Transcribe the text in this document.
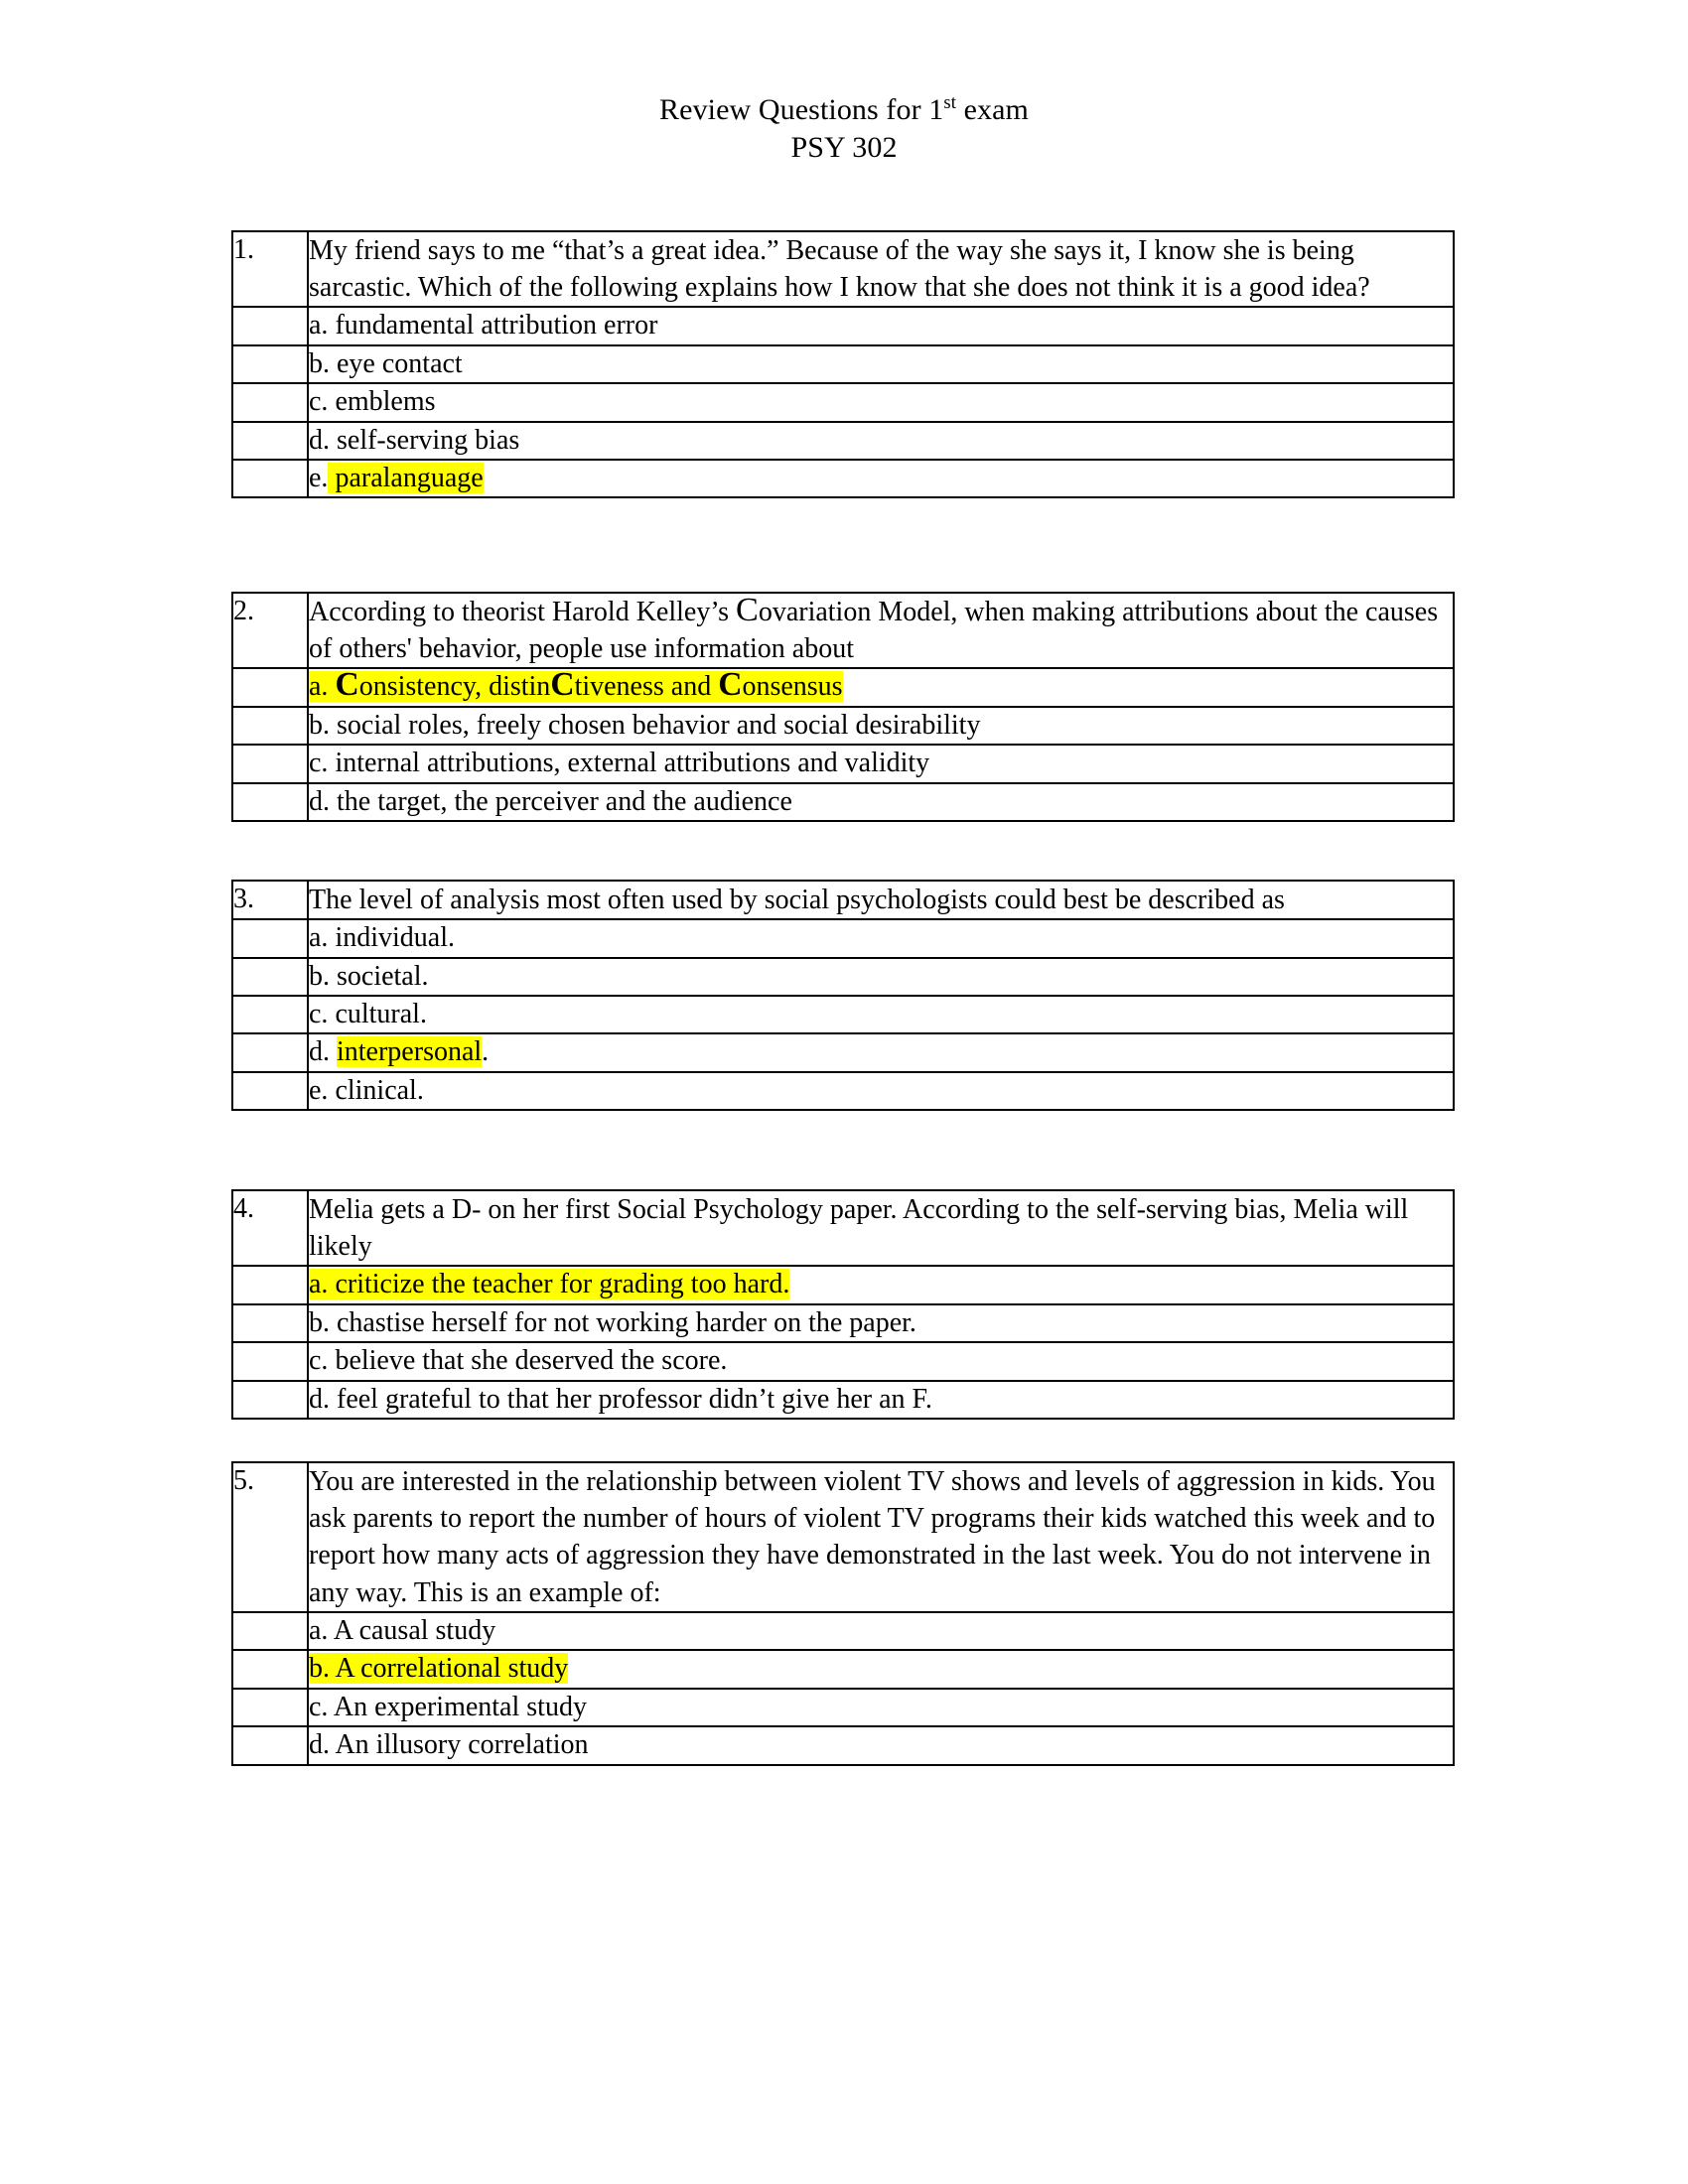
Review Questions for 1st exam
PSY 302
1.	My friend says to me “that’s a great idea.” Because of the way she says it, I know she is being sarcastic. Which of the following explains how I know that she does not think it is a good idea?
	a. fundamental attribution error
	b. eye contact
	c. emblems
	d. self-serving bias
	e. paralanguage
2.	According to theorist Harold Kelley’s Covariation Model, when making attributions about the causes of others' behavior, people use information about
	a. Consistency, distinCtiveness and Consensus
	b. social roles, freely chosen behavior and social desirability
	c. internal attributions, external attributions and validity
	d. the target, the perceiver and the audience
3.	The level of analysis most often used by social psychologists could best be described as
	a. individual.
	b. societal.
	c. cultural.
	d. interpersonal.
	e. clinical.
4.	Melia gets a D- on her first Social Psychology paper. According to the self-serving bias, Melia will likely
	a. criticize the teacher for grading too hard.
	b. chastise herself for not working harder on the paper.
	c. believe that she deserved the score.
	d. feel grateful to that her professor didn’t give her an F.
5.	You are interested in the relationship between violent TV shows and levels of aggression in kids. You ask parents to report the number of hours of violent TV programs their kids watched this week and to report how many acts of aggression they have demonstrated in the last week. You do not intervene in any way. This is an example of:
	a. A causal study
	b. A correlational study
	c. An experimental study
	d. An illusory correlation
